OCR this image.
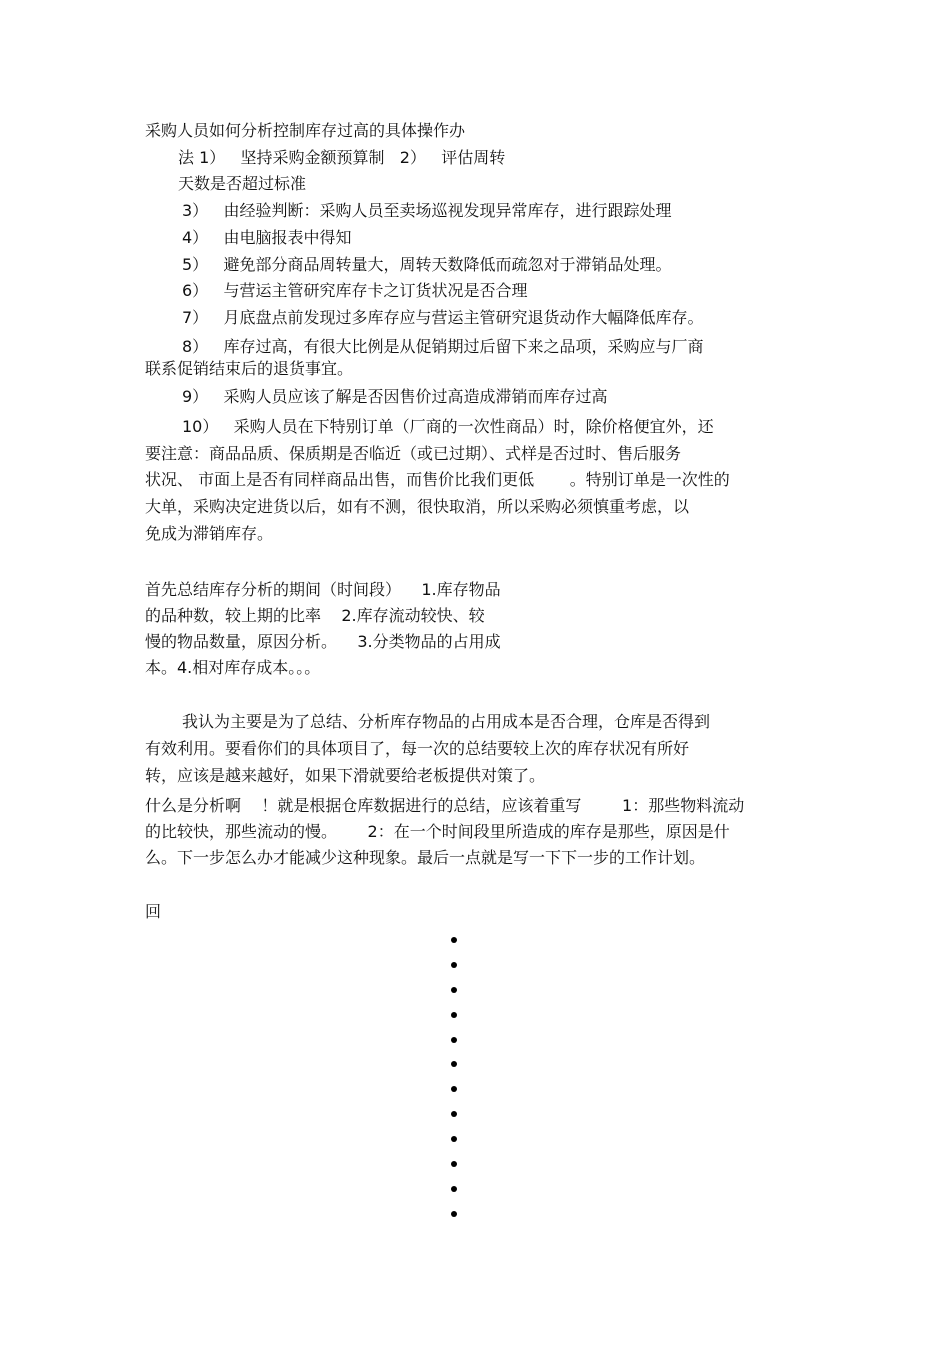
采购人员如何分析控制库存过高的具体操作办
法 1）   坚持采购金额预算制   2）   评估周转
天数是否超过标准
3）   由经验判断：采购人员至卖场巡视发现异常库存，进行跟踪处理
4）   由电脑报表中得知
5）   避免部分商品周转量大，周转天数降低而疏忽对于滞销品处理。
6）   与营运主管研究库存卡之订货状况是否合理
7）   月底盘点前发现过多库存应与营运主管研究退货动作大幅降低库存。
8）   库存过高，有很大比例是从促销期过后留下来之品项，采购应与厂商
联系促销结束后的退货事宜。
9）   采购人员应该了解是否因售价过高造成滞销而库存过高
10）   采购人员在下特别订单（厂商的一次性商品）时，除价格便宜外，还
要注意：商品品质、保质期是否临近（或已过期）、式样是否过时、售后服务
状况、 市面上是否有同样商品出售，而售价比我们更低       。特别订单是一次性的
大单，采购决定进货以后，如有不测，很快取消，所以采购必须慎重考虑，以
免成为滞销库存。
首先总结库存分析的期间（时间段）    1.库存物品
的品种数，较上期的比率    2.库存流动较快、较
慢的物品数量，原因分析。    3.分类物品的占用成
本。4.相对库存成本。。。
我认为主要是为了总结、分析库存物品的占用成本是否合理，仓库是否得到
有效利用。要看你们的具体项目了，每一次的总结要较上次的库存状况有所好
转，应该是越来越好，如果下滑就要给老板提供对策了。
什么是分析啊    ！就是根据仓库数据进行的总结，应该着重写        1：那些物料流动
的比较快，那些流动的慢。      2：在一个时间段里所造成的库存是那些，原因是什
么。下一步怎么办才能减少这种现象。最后一点就是写一下下一步的工作计划。
回
